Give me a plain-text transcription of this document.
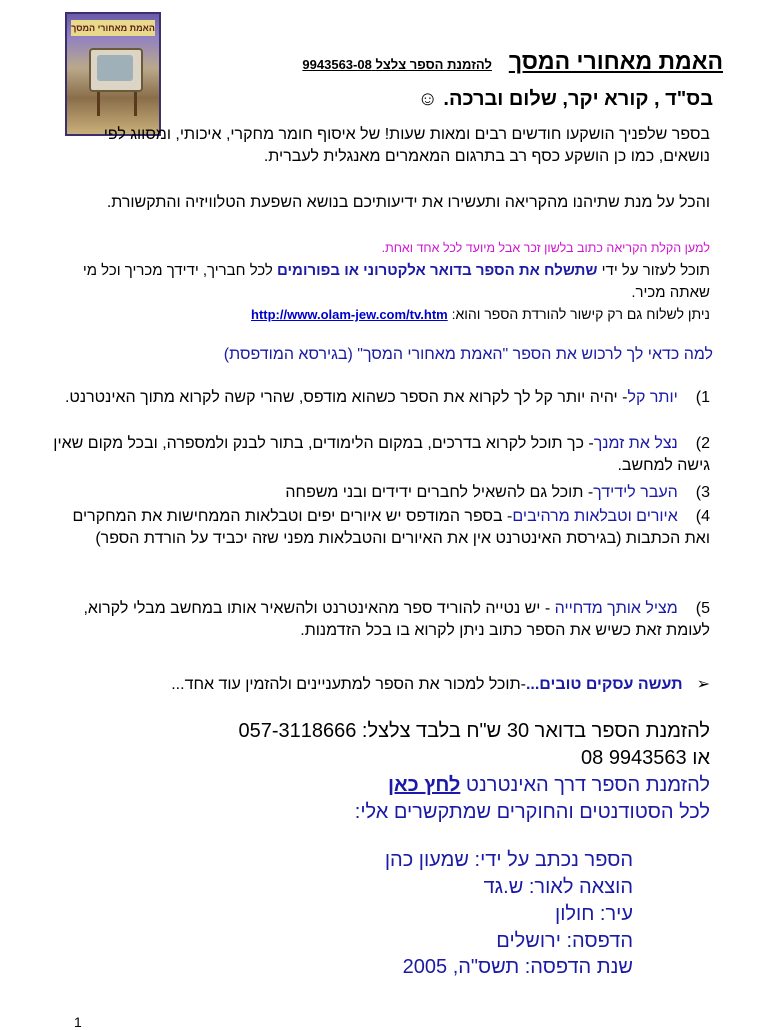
האמת מאחורי המסך
האמת מאחורי המסך  להזמנת הספר צלצל 9943563-08
בס"ד , קורא יקר, שלום וברכה. ☺
בספר שלפניך הושקעו חודשים רבים ומאות שעות! של איסוף חומר מחקרי, איכותי, ומסווג לפי נושאים, כמו כן הושקע כסף רב בתרגום המאמרים מאנגלית לעברית.
והכל על מנת שתיהנו מהקריאה ותעשירו את ידיעותיכם בנושא השפעת הטלוויזיה והתקשורת.
למען הקלת הקריאה כתוב בלשון זכר אבל מיועד לכל אחד ואחת.
תוכל לעזור על ידי שתשלח את הספר בדואר אלקטרוני או בפורומים לכל חבריך, ידידך מכריך וכל מי שאתה מכיר.
ניתן לשלוח גם רק קישור להורדת הספר והוא: http://www.olam-jew.com/tv.htm
למה כדאי לך לרכוש את הספר "האמת מאחורי המסך" (בגירסא המודפסת)
1)יותר קל- יהיה יותר קל לך לקרוא את הספר כשהוא מודפס, שהרי קשה לקרוא מתוך האינטרנט.
2)נצל את זמנך- כך תוכל לקרוא בדרכים, במקום הלימודים, בתור לבנק ולמספרה, ובכל מקום שאין גישה למחשב.
3)העבר לידידך- תוכל גם להשאיל לחברים ידידים ובני משפחה
4)איורים וטבלאות מרהיבים- בספר המודפס יש איורים יפים וטבלאות הממחישות את המחקרים ואת הכתבות (בגירסת האינטרנט אין את האיורים והטבלאות מפני שזה יכביד על הורדת הספר)
5)מציל אותך מדחייה - יש נטייה להוריד ספר מהאינטרנט ולהשאיר אותו במחשב מבלי לקרוא, לעומת זאת כשיש את הספר כתוב ניתן לקרוא בו בכל הזדמנות.
➢תעשה עסקים טובים...-תוכל למכור את הספר למתעניינים ולהזמין עוד אחד...
להזמנת הספר בדואר 30 ש"ח בלבד צלצל: 057-3118666
או 9943563 08
להזמנת הספר דרך האינטרנט לחץ כאן
לכל הסטודנטים והחוקרים שמתקשרים אלי:
הספר נכתב על ידי: שמעון כהן
הוצאה לאור: ש.גד
עיר: חולון
הדפסה: ירושלים
שנת הדפסה: תשס"ה, 2005
1
